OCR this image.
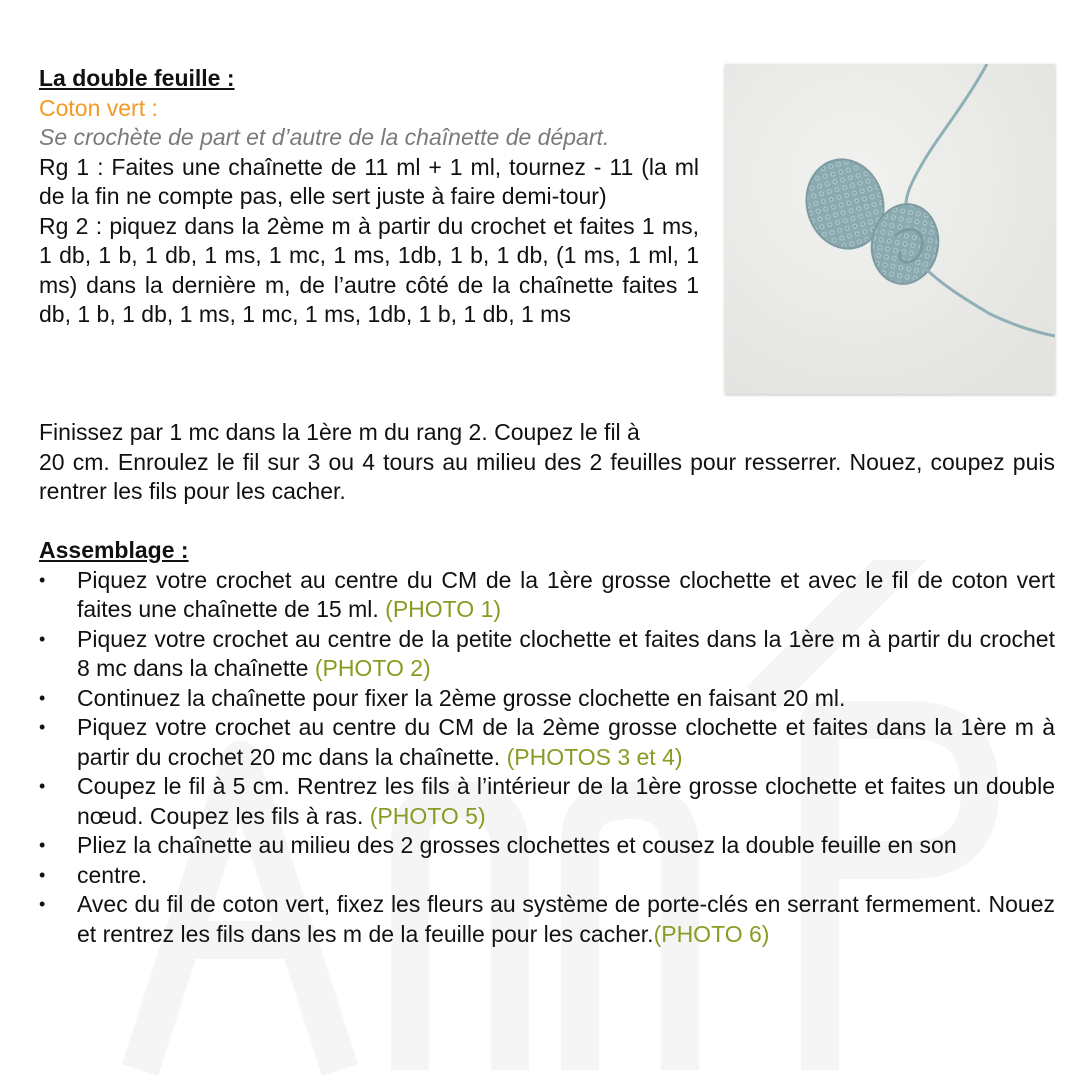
La double feuille :
Coton vert :
Se crochète de part et d’autre de la chaînette de départ.
Rg 1 : Faites une chaînette de 11 ml + 1 ml, tournez - 11 (la ml de la fin ne compte pas, elle sert juste à faire demi-tour)
Rg 2 : piquez dans la 2ème m à partir du crochet et faites 1 ms, 1 db, 1 b, 1 db, 1 ms, 1 mc, 1 ms, 1db, 1 b, 1 db, (1 ms, 1 ml, 1 ms) dans la dernière m, de l’autre côté de la chaînette faites 1 db, 1 b, 1 db, 1 ms, 1 mc, 1 ms, 1db, 1 b, 1 db, 1 ms
Finissez par 1 mc dans la 1ère m du rang 2. Coupez le fil à
20 cm. Enroulez le fil sur 3 ou 4 tours au milieu des 2 feuilles pour resserrer. Nouez, coupez puis rentrer les fils pour les cacher.
Assemblage :
• Piquez votre crochet au centre du CM de la 1ère grosse clochette et avec le fil de coton vert faites une chaînette de 15 ml. (PHOTO 1)
• Piquez votre crochet au centre de la petite clochette et faites dans la 1ère m à partir du crochet 8 mc dans la chaînette (PHOTO 2)
• Continuez la chaînette pour fixer la 2ème grosse clochette en faisant 20 ml.
• Piquez votre crochet au centre du CM de la 2ème grosse clochette et faites dans la 1ère m à partir du crochet 20 mc dans la chaînette. (PHOTOS 3 et 4)
• Coupez le fil à 5 cm. Rentrez les fils à l’intérieur de la 1ère grosse clochette et faites un double nœud. Coupez les fils à ras. (PHOTO 5)
• Pliez la chaînette au milieu des 2 grosses clochettes et cousez la double feuille en son
• centre.
• Avec du fil de coton vert, fixez les fleurs au système de porte-clés en serrant fermement. Nouez et rentrez les fils dans les m de la feuille pour les cacher.(PHOTO 6)
